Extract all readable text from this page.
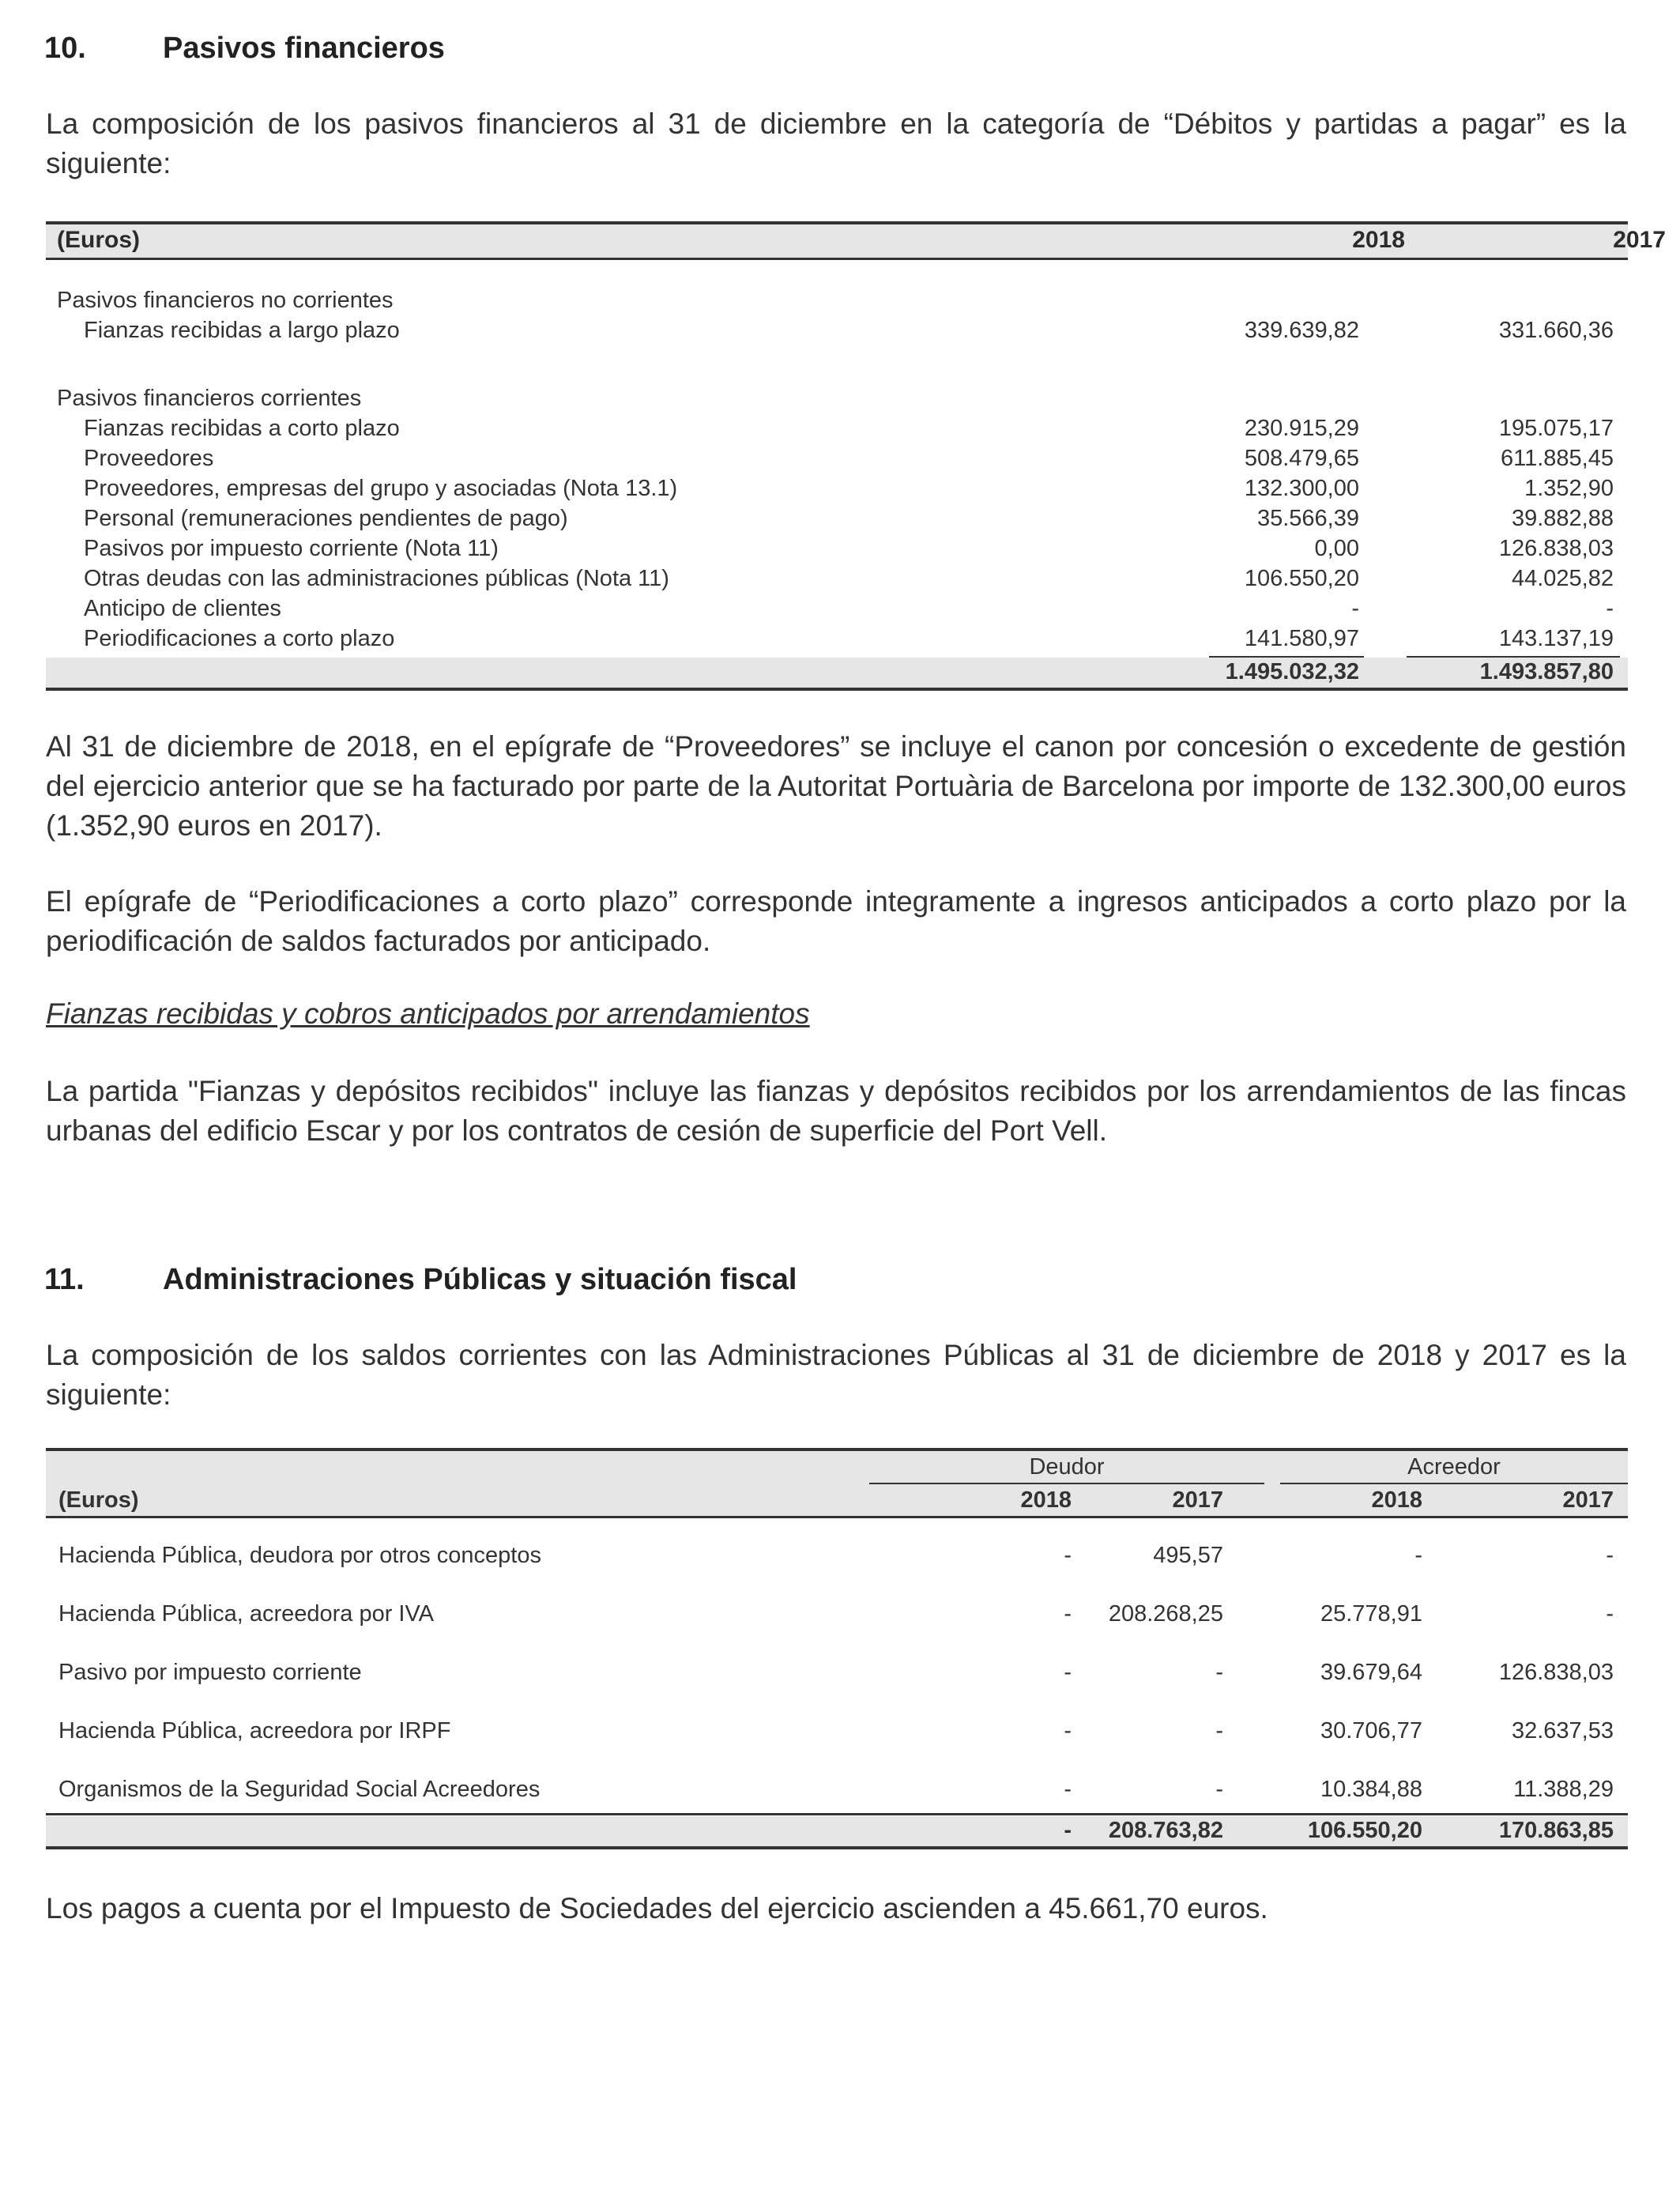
10.	Pasivos financieros
La composición de los pasivos financieros al 31 de diciembre en la categoría de “Débitos y partidas a pagar” es la siguiente:
(Euros)	2018	2017
Pasivos financieros no corrientes
Fianzas recibidas a largo plazo	339.639,82	331.660,36
Pasivos financieros corrientes
Fianzas recibidas a corto plazo	230.915,29	195.075,17
Proveedores	508.479,65	611.885,45
Proveedores, empresas del grupo y asociadas (Nota 13.1)	132.300,00	1.352,90
Personal (remuneraciones pendientes de pago)	35.566,39	39.882,88
Pasivos por impuesto corriente (Nota 11)	0,00	126.838,03
Otras deudas con las administraciones públicas (Nota 11)	106.550,20	44.025,82
Anticipo de clientes	-	-
Periodificaciones a corto plazo	141.580,97	143.137,19
1.495.032,32	1.493.857,80
Al 31 de diciembre de 2018, en el epígrafe de “Proveedores” se incluye el canon por concesión o excedente de gestión del ejercicio anterior que se ha facturado por parte de la Autoritat Portuària de Barcelona por importe de 132.300,00 euros (1.352,90 euros en 2017).
El epígrafe de “Periodificaciones a corto plazo” corresponde integramente a ingresos anticipados a corto plazo por la periodificación de saldos facturados por anticipado.
Fianzas recibidas y cobros anticipados por arrendamientos
La partida "Fianzas y depósitos recibidos" incluye las fianzas y depósitos recibidos por los arrendamientos de las fincas urbanas del edificio Escar y por los contratos de cesión de superficie del Port Vell.
11.	Administraciones Públicas y situación fiscal
La composición de los saldos corrientes con las Administraciones Públicas al 31 de diciembre de 2018 y 2017 es la siguiente:
Deudor	Acreedor
(Euros)	2018	2017	2018	2017
Hacienda Pública, deudora por otros conceptos	-	495,57	-	-
Hacienda Pública, acreedora por IVA	-	208.268,25	25.778,91	-
Pasivo por impuesto corriente	-	-	39.679,64	126.838,03
Hacienda Pública, acreedora por IRPF	-	-	30.706,77	32.637,53
Organismos de la Seguridad Social Acreedores	-	-	10.384,88	11.388,29
-	208.763,82	106.550,20	170.863,85
Los pagos a cuenta por el Impuesto de Sociedades del ejercicio ascienden a 45.661,70 euros.
